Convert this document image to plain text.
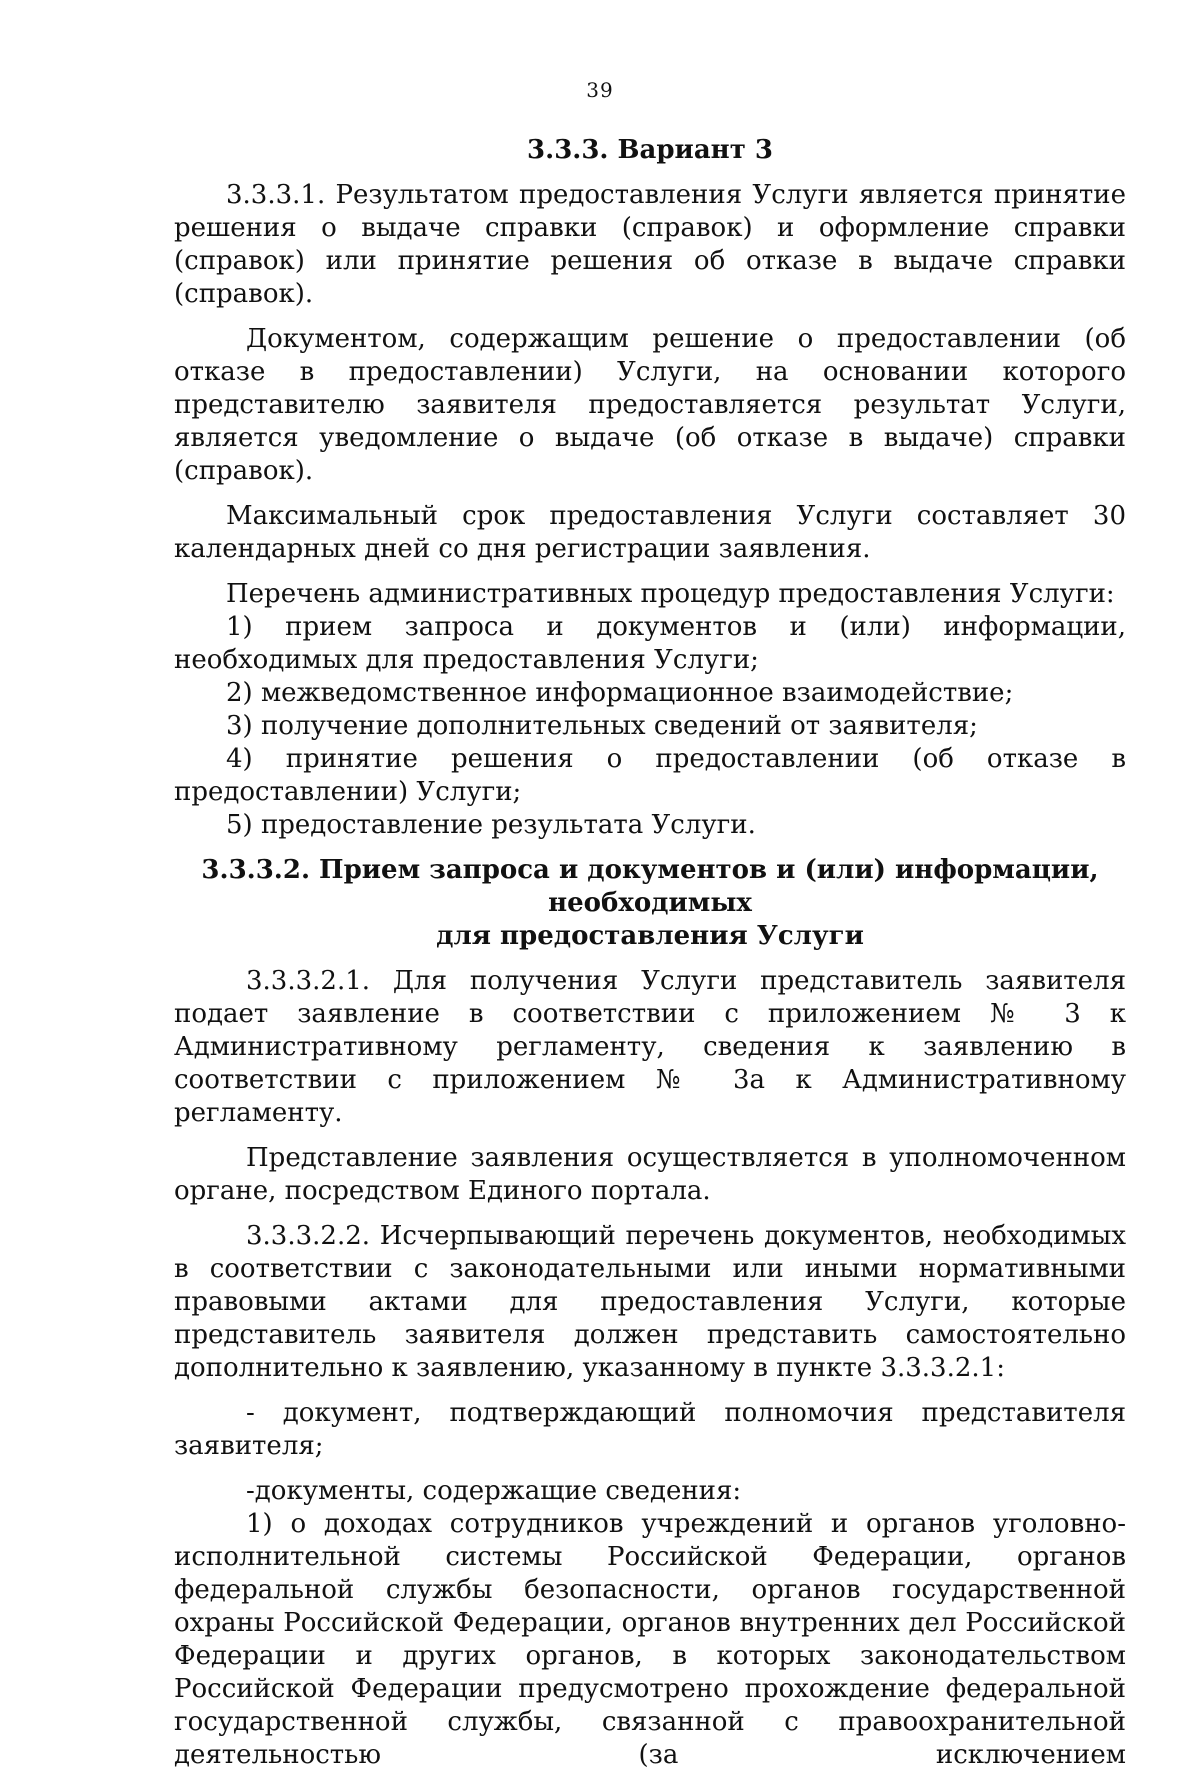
39
3.3.3. Вариант 3

3.3.3.1. Результатом предоставления Услуги является принятие решения о выдаче справки (справок) и оформление справки (справок) или принятие решения об отказе в выдаче справки (справок).

Документом, содержащим решение о предоставлении (об отказе в предоставлении) Услуги, на основании которого представителю заявителя предоставляется результат Услуги, является уведомление о выдаче (об отказе в выдаче) справки (справок).

Максимальный срок предоставления Услуги составляет 30 календарных дней со дня регистрации заявления.

Перечень административных процедур предоставления Услуги:

1) прием запроса и документов и (или) информации, необходимых для предоставления Услуги;

2) межведомственное информационное взаимодействие;

3) получение дополнительных сведений от заявителя;

4) принятие решения о предоставлении (об отказе в предоставлении) Услуги;

5) предоставление результата Услуги.

3.3.3.2. Прием запроса и документов и (или) информации, необходимых
для предоставления Услуги

3.3.3.2.1. Для получения Услуги представитель заявителя подает заявление в соответствии с приложением № 3 к Административному регламенту, сведения к заявлению в соответствии с приложением № 3а к Административному регламенту.

Представление заявления осуществляется в уполномоченном органе, посредством Единого портала.

3.3.3.2.2. Исчерпывающий перечень документов, необходимых в соответствии с законодательными или иными нормативными правовыми актами для предоставления Услуги, которые представитель заявителя должен представить самостоятельно дополнительно к заявлению, указанному в пункте 3.3.3.2.1:

- документ, подтверждающий полномочия представителя заявителя;

-документы, содержащие сведения:

1) о доходах сотрудников учреждений и органов уголовно-исполнительной системы Российской Федерации, органов федеральной службы безопасности, органов государственной охраны Российской Федерации, органов внутренних дел Российской Федерации и других органов, в которых законодательством Российской Федерации предусмотрено прохождение федеральной государственной службы, связанной с правоохранительной деятельностью (за исключением
